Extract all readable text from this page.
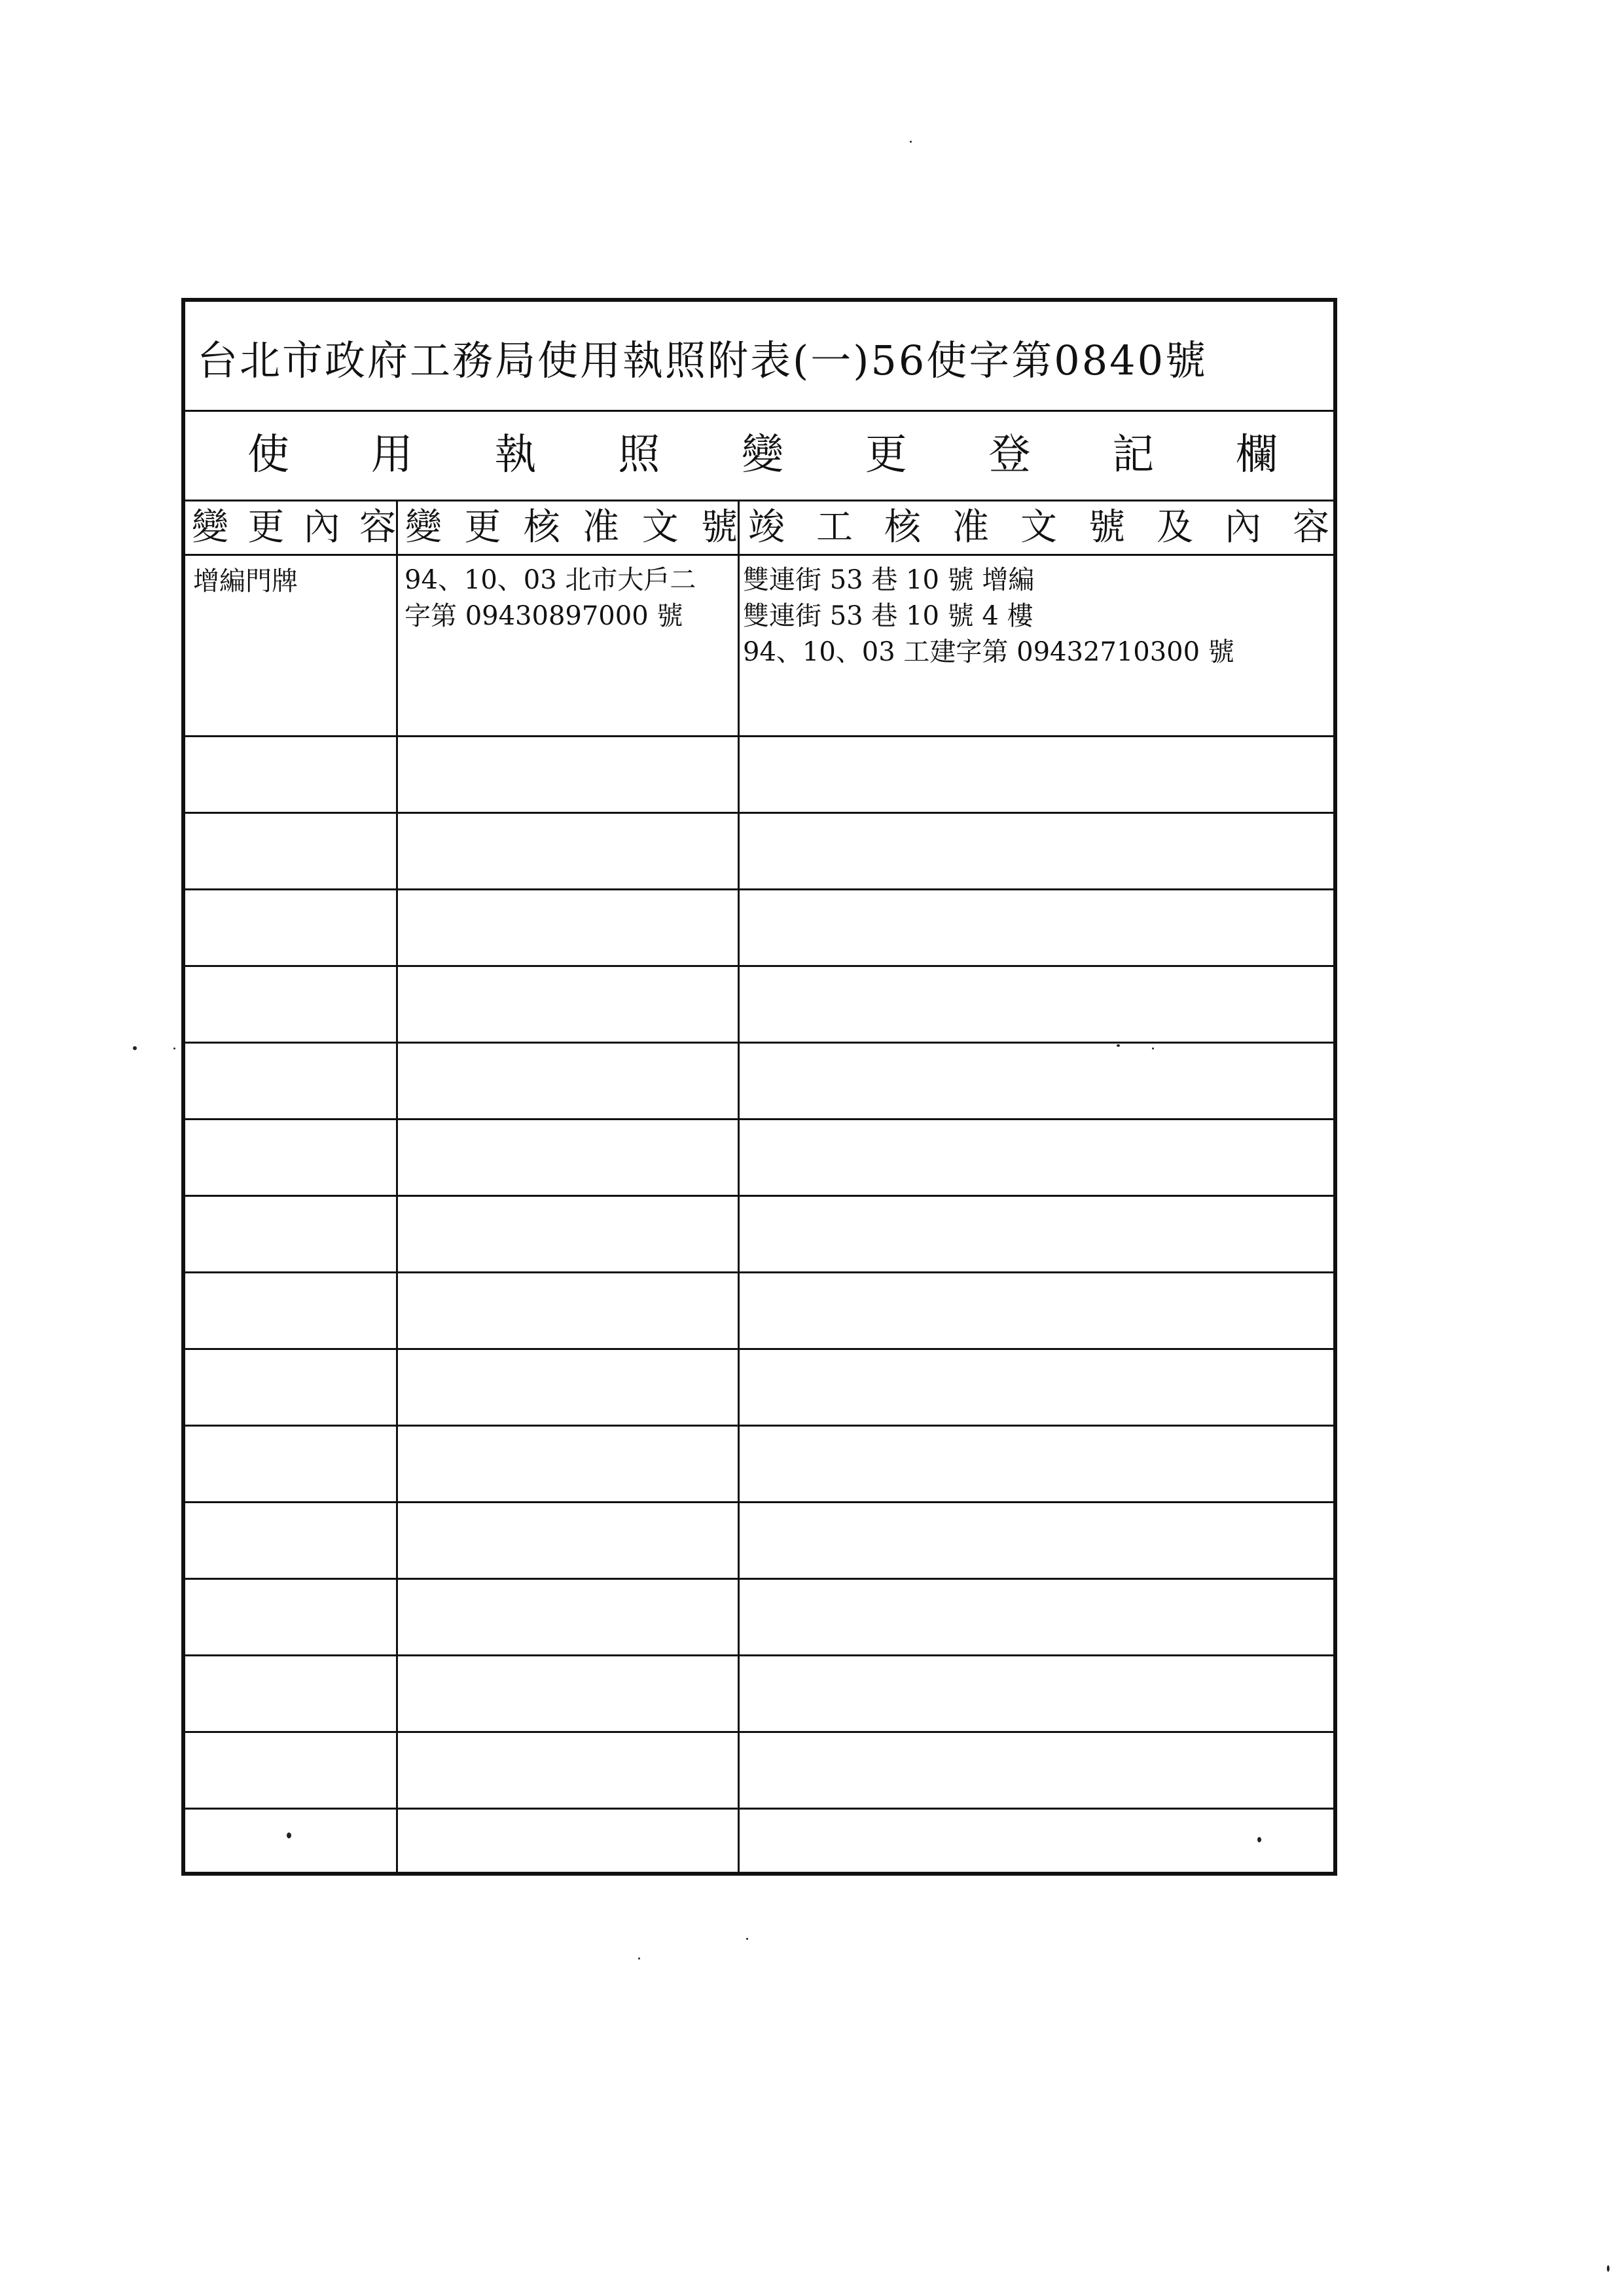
台北市政府工務局使用執照附表(一)56使字第0840號
使 用 執 照 變 更 登 記 欄
變 更 內 容 變 更 核 准 文 號 竣 工 核 准 文 號 及 內 容
增編門牌	94、10、03 北市大戶二
字第 09430897000 號
雙連街 53 巷 10 號 增編
雙連街 53 巷 10 號 4 樓
94、10、03 工建字第 09432710300 號
